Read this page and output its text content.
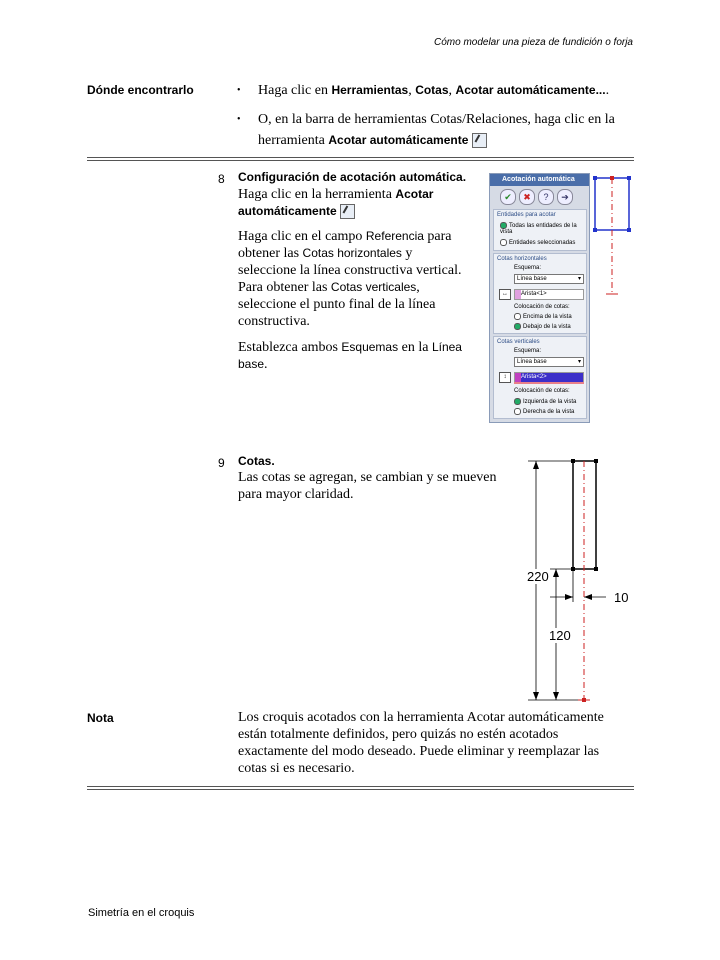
Cómo modelar una pieza de fundición o forja
Dónde encontrarlo	• Haga clic en Herramientas, Cotas, Acotar automáticamente....
• O, en la barra de herramientas Cotas/Relaciones, haga clic en la herramienta Acotar automáticamente
8 Configuración de acotación automática.
Haga clic en la herramienta Acotar automáticamente
Haga clic en el campo Referencia para obtener las Cotas horizontales y seleccione la línea constructiva vertical. Para obtener las Cotas verticales, seleccione el punto final de la línea constructiva.
Establezca ambos Esquemas en la Línea base.
Acotación automática
✔ ✖ ? ➔
Entidades para acotar
Todas las entidades de la vista
Entidades seleccionadas
Cotas horizontales
Esquema:
Línea base	▾
↔	Arista<1>
Colocación de cotas:
Encima de la vista
Debajo de la vista
Cotas verticales
Esquema:
Línea base	▾
↕	Arista<2>
Colocación de cotas:
Izquierda de la vista
Derecha de la vista
9 Cotas.
Las cotas se agregan, se cambian y se mueven para mayor claridad.
220
120
10
Nota	Los croquis acotados con la herramienta Acotar automáticamente están totalmente definidos, pero quizás no estén acotados exactamente del modo deseado. Puede eliminar y reemplazar las cotas si es necesario.
Simetría en el croquis
